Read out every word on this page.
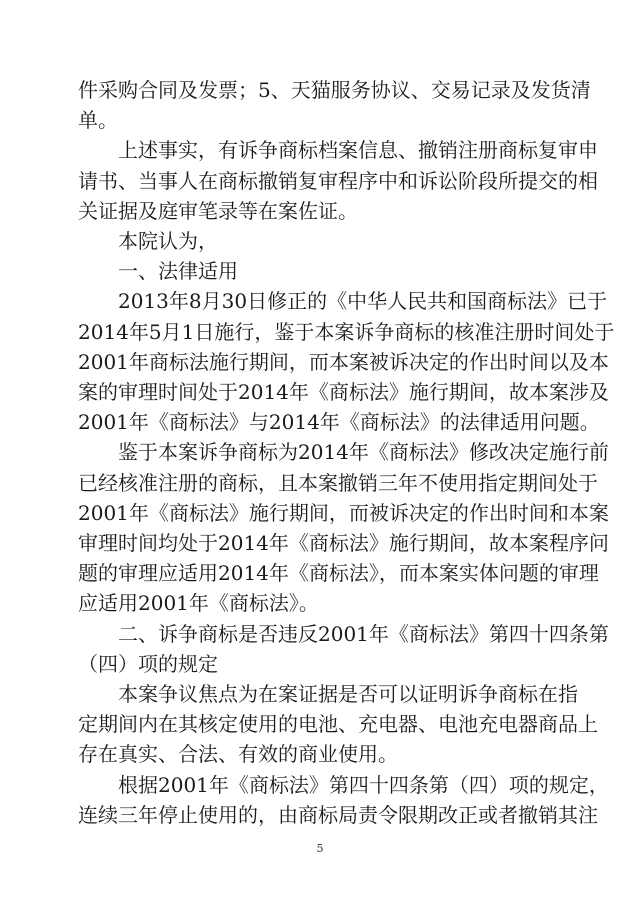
件采购合同及发票；5、天猫服务协议、交易记录及发货清
单。
上述事实，有诉争商标档案信息、撤销注册商标复审申
请书、当事人在商标撤销复审程序中和诉讼阶段所提交的相
关证据及庭审笔录等在案佐证。
本院认为，
一、法律适用
2013年8月30日修正的《中华人民共和国商标法》已于
2014年5月1日施行，鉴于本案诉争商标的核准注册时间处于
2001年商标法施行期间，而本案被诉决定的作出时间以及本
案的审理时间处于2014年《商标法》施行期间，故本案涉及
2001年《商标法》与2014年《商标法》的法律适用问题。
鉴于本案诉争商标为2014年《商标法》修改决定施行前
已经核准注册的商标，且本案撤销三年不使用指定期间处于
2001年《商标法》施行期间，而被诉决定的作出时间和本案
审理时间均处于2014年《商标法》施行期间，故本案程序问
题的审理应适用2014年《商标法》，而本案实体问题的审理
应适用2001年《商标法》。
二、诉争商标是否违反2001年《商标法》第四十四条第
（四）项的规定
本案争议焦点为在案证据是否可以证明诉争商标在指
定期间内在其核定使用的电池、充电器、电池充电器商品上
存在真实、合法、有效的商业使用。
根据2001年《商标法》第四十四条第（四）项的规定，
连续三年停止使用的，由商标局责令限期改正或者撤销其注
5
